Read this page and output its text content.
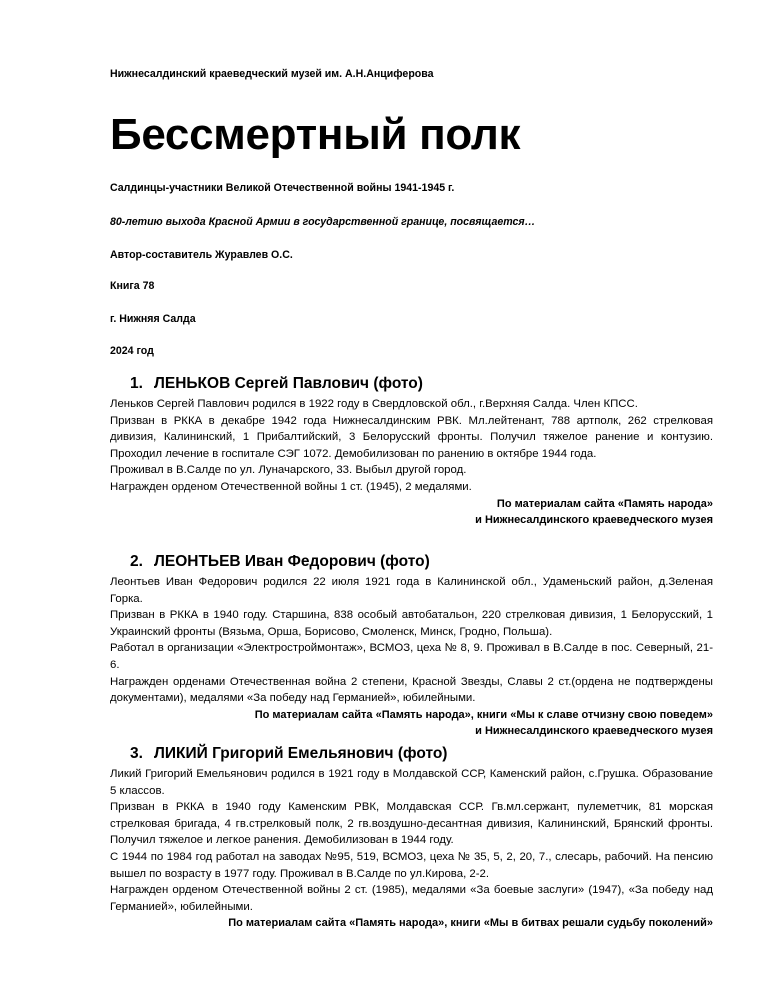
Нижнесалдинский краеведческий музей им. А.Н.Анциферова
Бессмертный полк
Салдинцы-участники Великой Отечественной войны 1941-1945 г.
80-летию выхода Красной Армии в государственной границе, посвящается…
Автор-составитель Журавлев О.С.
Книга 78
г. Нижняя Салда
2024 год
1. ЛЕНЬКОВ Сергей Павлович (фото)

Леньков Сергей Павлович родился в 1922 году в Свердловской обл., г.Верхняя Салда. Член КПСС.

Призван в РККА в декабре 1942 года Нижнесалдинским РВК. Мл.лейтенант, 788 артполк, 262 стрелковая дивизия, Калининский, 1 Прибалтийский, 3 Белорусский фронты. Получил тяжелое ранение и контузию. Проходил лечение в госпитале СЭГ 1072. Демобилизован по ранению в октябре 1944 года.

Проживал в В.Салде по ул. Луначарского, 33. Выбыл другой город.

Награжден орденом Отечественной войны 1 ст. (1945), 2 медалями.

По материалам сайта «Память народа»

и Нижнесалдинского краеведческого музея

2. ЛЕОНТЬЕВ Иван Федорович (фото)

Леонтьев Иван Федорович родился 22 июля 1921 года в Калининской обл., Удаменьский район, д.Зеленая Горка.

Призван в РККА в 1940 году. Старшина, 838 особый автобатальон, 220 стрелковая дивизия, 1 Белорусский, 1 Украинский фронты (Вязьма, Орша, Борисово, Смоленск, Минск, Гродно, Польша).

Работал в организации «Электростроймонтаж», ВСМОЗ, цеха № 8, 9. Проживал в В.Салде в пос. Северный, 21-6.

Награжден орденами Отечественная война 2 степени, Красной Звезды, Славы 2 ст.(ордена не подтверждены документами), медалями «За победу над Германией», юбилейными.

По материалам сайта «Память народа», книги «Мы к славе отчизну свою поведем»

и Нижнесалдинского краеведческого музея

3. ЛИКИЙ Григорий Емельянович (фото)

Ликий Григорий Емельянович родился в 1921 году в Молдавской ССР, Каменский район, с.Грушка. Образование 5 классов.

Призван в РККА в 1940 году Каменским РВК, Молдавская ССР. Гв.мл.сержант, пулеметчик, 81 морская стрелковая бригада, 4 гв.стрелковый полк, 2 гв.воздушно-десантная дивизия, Калининский, Брянский фронты. Получил тяжелое и легкое ранения. Демобилизован в 1944 году.

С 1944 по 1984 год работал на заводах №95, 519, ВСМОЗ, цеха № 35, 5, 2, 20, 7., слесарь, рабочий. На пенсию вышел по возрасту в 1977 году. Проживал в В.Салде по ул.Кирова, 2-2.

Награжден орденом Отечественной войны 2 ст. (1985), медалями «За боевые заслуги» (1947), «За победу над Германией», юбилейными.

По материалам сайта «Память народа», книги «Мы в битвах решали судьбу поколений»
